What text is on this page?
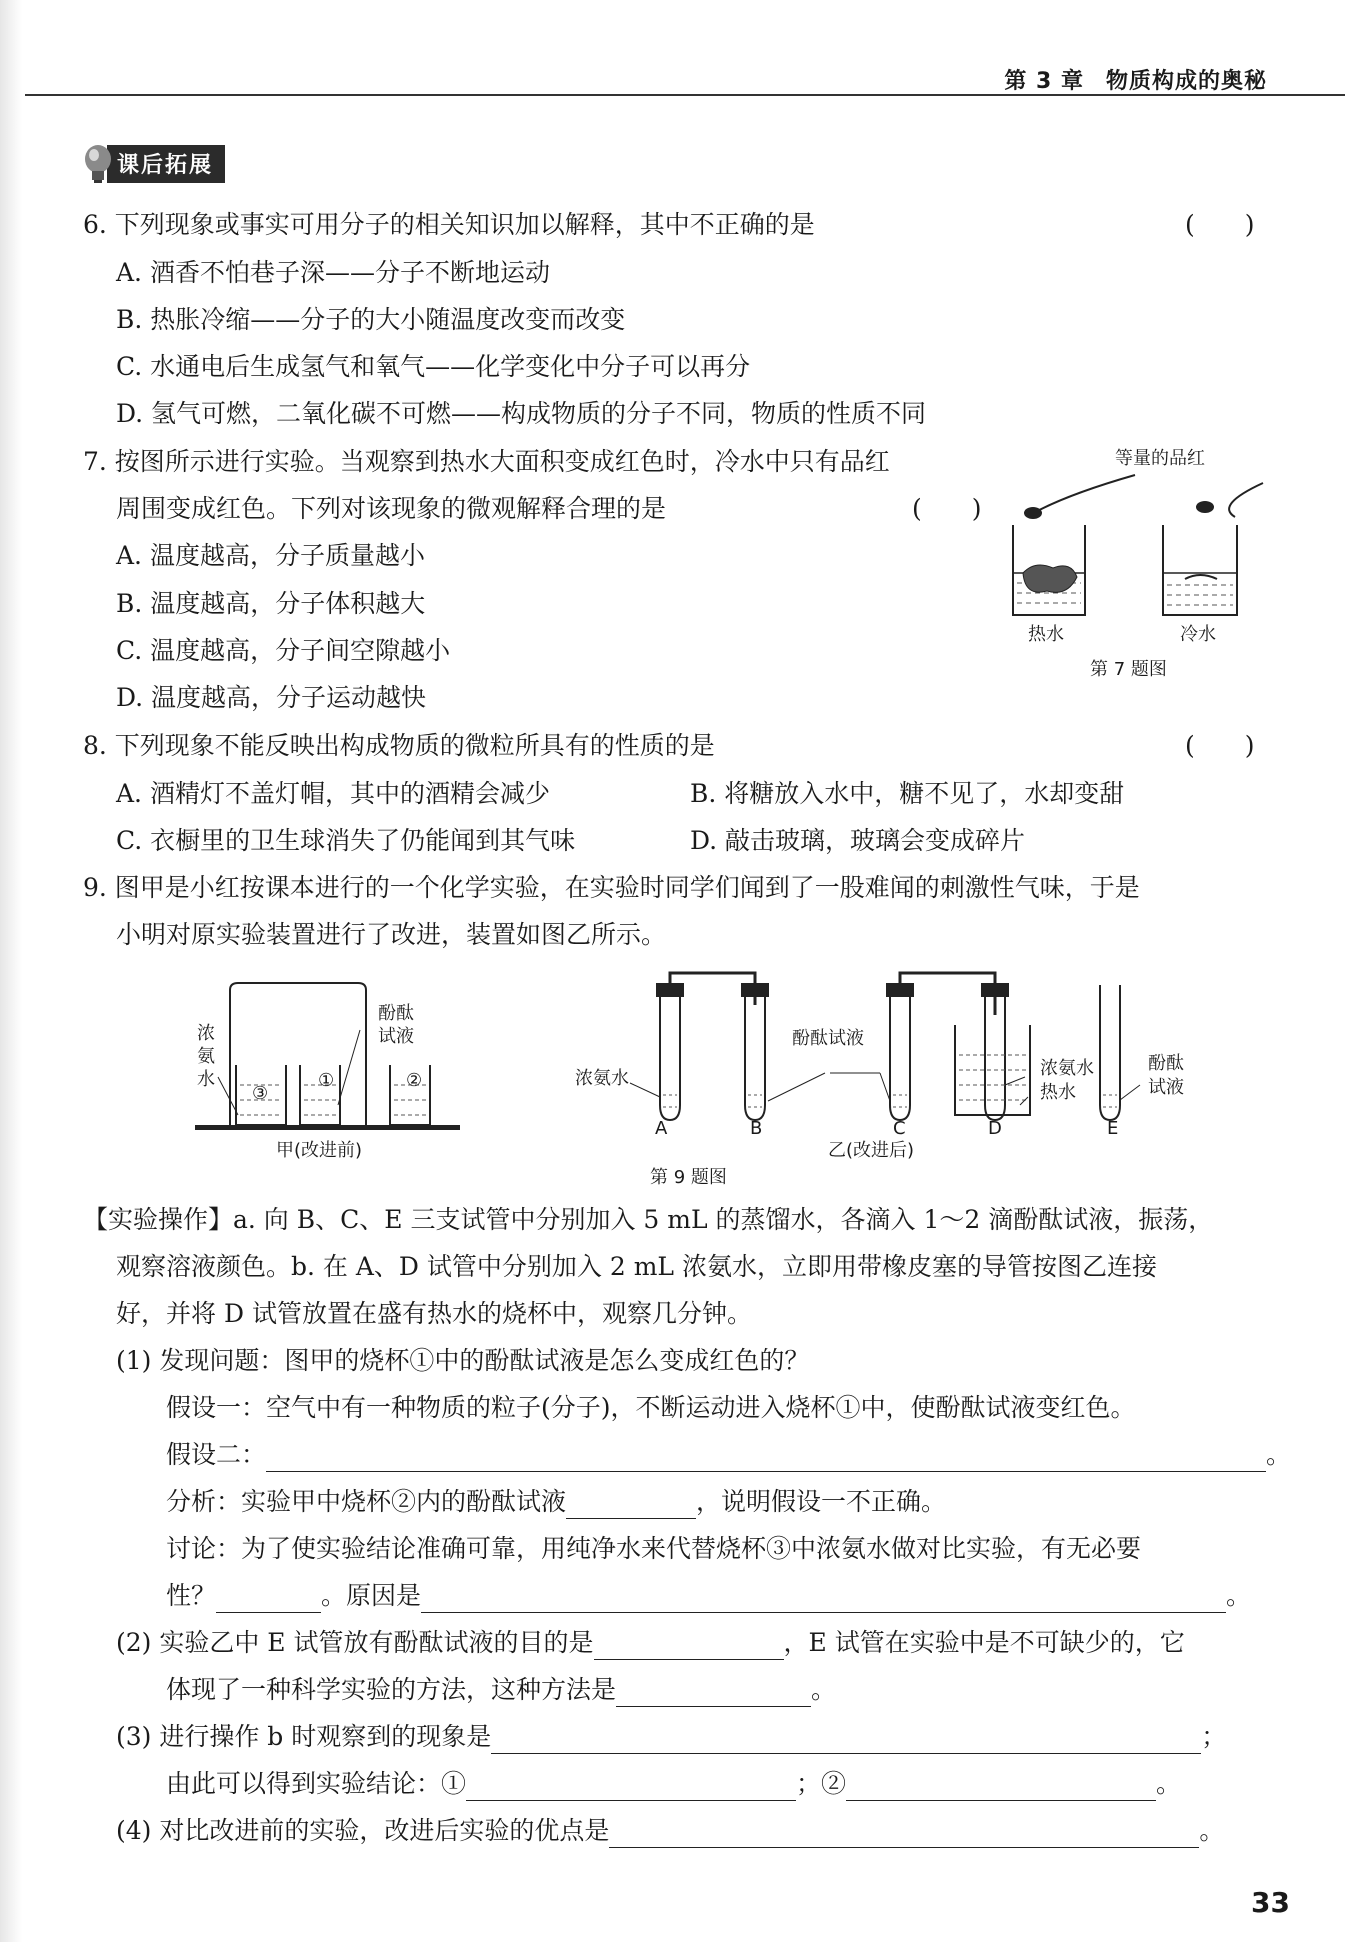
第 3 章 物质构成的奥秘
课后拓展
6. 下列现象或事实可用分子的相关知识加以解释，其中不正确的是	(　　)
A. 酒香不怕巷子深——分子不断地运动
B. 热胀冷缩——分子的大小随温度改变而改变
C. 水通电后生成氢气和氧气——化学变化中分子可以再分
D. 氢气可燃，二氧化碳不可燃——构成物质的分子不同，物质的性质不同
7. 按图所示进行实验。当观察到热水大面积变成红色时，冷水中只有品红
周围变成红色。下列对该现象的微观解释合理的是	(　　)
A. 温度越高，分子质量越小
B. 温度越高，分子体积越大
C. 温度越高，分子间空隙越小
D. 温度越高，分子运动越快
等量的品红
热水	冷水
第 7 题图
8. 下列现象不能反映出构成物质的微粒所具有的性质的是	(　　)
A. 酒精灯不盖灯帽，其中的酒精会减少	B. 将糖放入水中，糖不见了，水却变甜
C. 衣橱里的卫生球消失了仍能闻到其气味	D. 敲击玻璃，玻璃会变成碎片
9. 图甲是小红按课本进行的一个化学实验，在实验时同学们闻到了一股难闻的刺激性气味，于是
小明对原实验装置进行了改进，装置如图乙所示。
浓
氨
水
酚酞
试液
③
①	②
甲(改进前)
浓氨水
酚酞试液
浓氨水
热水
酚酞
试液
A	B	C	D	E
乙(改进后)
第 9 题图
【实验操作】a. 向 B、C、E 三支试管中分别加入 5 mL 的蒸馏水，各滴入 1～2 滴酚酞试液，振荡，
观察溶液颜色。b. 在 A、D 试管中分别加入 2 mL 浓氨水，立即用带橡皮塞的导管按图乙连接
好，并将 D 试管放置在盛有热水的烧杯中，观察几分钟。
(1) 发现问题：图甲的烧杯①中的酚酞试液是怎么变成红色的？
假设一：空气中有一种物质的粒子(分子)，不断运动进入烧杯①中，使酚酞试液变红色。
假设二：	。
分析：实验甲中烧杯②内的酚酞试液	，说明假设一不正确。
讨论：为了使实验结论准确可靠，用纯净水来代替烧杯③中浓氨水做对比实验，有无必要
性？	。原因是	。
(2) 实验乙中 E 试管放有酚酞试液的目的是	，E 试管在实验中是不可缺少的，它
体现了一种科学实验的方法，这种方法是	。
(3) 进行操作 b 时观察到的现象是	；
由此可以得到实验结论：①	；②	。
(4) 对比改进前的实验，改进后实验的优点是	。
33
